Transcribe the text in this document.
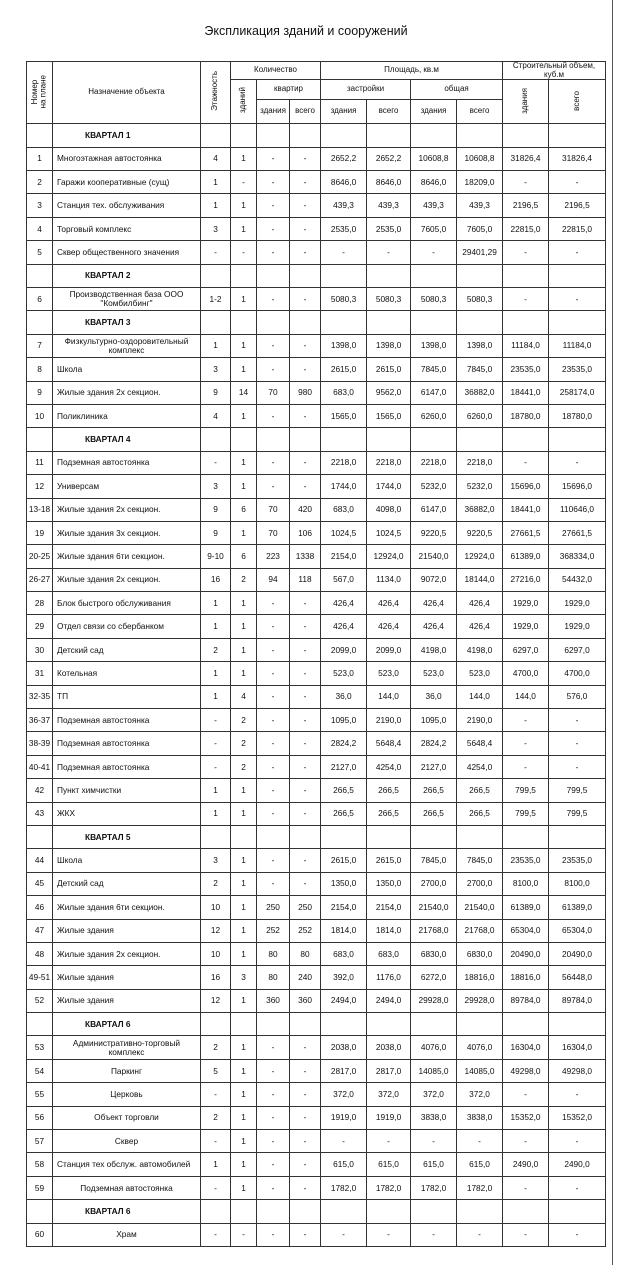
Экспликация зданий и сооружений
Номер
на плане	Назначение объекта	Этажность	Количество			Площадь, кв.м				Строительный объем, куб.м	
			зданий	квартир		застройки		общая		здания	всего
				здания	всего	здания	всего	здания	всего		
	КВАРТАЛ 1										
1	Многоэтажная автостоянка	4	1	-	-	2652,2	2652,2	10608,8	10608,8	31826,4	31826,4
2	Гаражи кооперативные (сущ)	1	-	-	-	8646,0	8646,0	8646,0	18209,0	-	-
3	Станция тех. обслуживания	1	1	-	-	439,3	439,3	439,3	439,3	2196,5	2196,5
4	Торговый комплекс	3	1	-	-	2535,0	2535,0	7605,0	7605,0	22815,0	22815,0
5	Сквер общественного значения	-	-	-	-	-	-	-	29401,29	-	-
	КВАРТАЛ 2										
6	Производственная база ООО "Комбилбинг"	1-2	1	-	-	5080,3	5080,3	5080,3	5080,3	-	-
	КВАРТАЛ 3										
7	Физкультурно-оздоровительный комплекс	1	1	-	-	1398,0	1398,0	1398,0	1398,0	11184,0	11184,0
8	Школа	3	1	-	-	2615,0	2615,0	7845,0	7845,0	23535,0	23535,0
9	Жилые здания 2х секцион.	9	14	70	980	683,0	9562,0	6147,0	36882,0	18441,0	258174,0
10	Поликлиника	4	1	-	-	1565,0	1565,0	6260,0	6260,0	18780,0	18780,0
	КВАРТАЛ 4										
11	Подземная автостоянка	-	1	-	-	2218,0	2218,0	2218,0	2218,0	-	-
12	Универсам	3	1	-	-	1744,0	1744,0	5232,0	5232,0	15696,0	15696,0
13-18	Жилые здания 2х секцион.	9	6	70	420	683,0	4098,0	6147,0	36882,0	18441,0	110646,0
19	Жилые здания 3х секцион.	9	1	70	106	1024,5	1024,5	9220,5	9220,5	27661,5	27661,5
20-25	Жилые здания 6ти секцион.	9-10	6	223	1338	2154,0	12924,0	21540,0	12924,0	61389,0	368334,0
26-27	Жилые здания 2х секцион.	16	2	94	118	567,0	1134,0	9072,0	18144,0	27216,0	54432,0
28	Блок быстрого обслуживания	1	1	-	-	426,4	426,4	426,4	426,4	1929,0	1929,0
29	Отдел связи со сбербанком	1	1	-	-	426,4	426,4	426,4	426,4	1929,0	1929,0
30	Детский сад	2	1	-	-	2099,0	2099,0	4198,0	4198,0	6297,0	6297,0
31	Котельная	1	1	-	-	523,0	523,0	523,0	523,0	4700,0	4700,0
32-35	ТП	1	4	-	-	36,0	144,0	36,0	144,0	144,0	576,0
36-37	Подземная автостоянка	-	2	-	-	1095,0	2190,0	1095,0	2190,0	-	-
38-39	Подземная автостоянка	-	2	-	-	2824,2	5648,4	2824,2	5648,4	-	-
40-41	Подземная автостоянка	-	2	-	-	2127,0	4254,0	2127,0	4254,0	-	-
42	Пункт химчистки	1	1	-	-	266,5	266,5	266,5	266,5	799,5	799,5
43	ЖКХ	1	1	-	-	266,5	266,5	266,5	266,5	799,5	799,5
	КВАРТАЛ 5										
44	Школа	3	1	-	-	2615,0	2615,0	7845,0	7845,0	23535,0	23535,0
45	Детский сад	2	1	-	-	1350,0	1350,0	2700,0	2700,0	8100,0	8100,0
46	Жилые здания 6ти секцион.	10	1	250	250	2154,0	2154,0	21540,0	21540,0	61389,0	61389,0
47	Жилые здания	12	1	252	252	1814,0	1814,0	21768,0	21768,0	65304,0	65304,0
48	Жилые здания 2х секцион.	10	1	80	80	683,0	683,0	6830,0	6830,0	20490,0	20490,0
49-51	Жилые здания	16	3	80	240	392,0	1176,0	6272,0	18816,0	18816,0	56448,0
52	Жилые здания	12	1	360	360	2494,0	2494,0	29928,0	29928,0	89784,0	89784,0
	КВАРТАЛ 6										
53	Административно-торговый комплекс	2	1	-	-	2038,0	2038,0	4076,0	4076,0	16304,0	16304,0
54	Паркинг	5	1	-	-	2817,0	2817,0	14085,0	14085,0	49298,0	49298,0
55	Церковь	-	1	-	-	372,0	372,0	372,0	372,0	-	-
56	Объект торговли	2	1	-	-	1919,0	1919,0	3838,0	3838,0	15352,0	15352,0
57	Сквер	-	1	-	-	-	-	-	-	-	-
58	Станция тех обслуж. автомобилей	1	1	-	-	615,0	615,0	615,0	615,0	2490,0	2490,0
59	Подземная автостоянка	-	1	-	-	1782,0	1782,0	1782,0	1782,0	-	-
	КВАРТАЛ 6										
60	Храм	-	-	-	-	-	-	-	-	-	-
